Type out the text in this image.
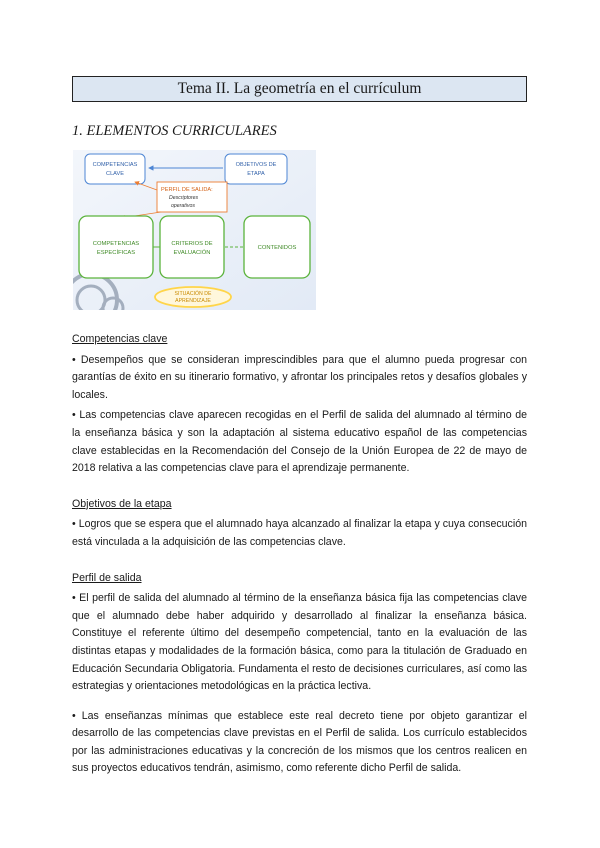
Tema II. La geometría en el currículum
1. ELEMENTOS CURRICULARES
COMPETENCIAS
CLAVE
OBJETIVOS DE
ETAPA
PERFIL DE SALIDA:
Descriptores
operativos
COMPETENCIAS
ESPECÍFICAS
CRITERIOS DE
EVALUACIÓN
CONTENIDOS
SITUACIÓN DE
APRENDIZAJE

Competencias clave

• Desempeños que se consideran imprescindibles para que el alumno pueda progresar con garantías de éxito en su itinerario formativo, y afrontar los principales retos y desafíos globales y locales.

• Las competencias clave aparecen recogidas en el Perfil de salida del alumnado al término de la enseñanza básica y son la adaptación al sistema educativo español de las competencias clave establecidas en la Recomendación del Consejo de la Unión Europea de 22 de mayo de 2018 relativa a las competencias clave para el aprendizaje permanente.

Objetivos de la etapa

• Logros que se espera que el alumnado haya alcanzado al finalizar la etapa y cuya consecución está vinculada a la adquisición de las competencias clave.

Perfil de salida

• El perfil de salida del alumnado al término de la enseñanza básica fija las competencias clave que el alumnado debe haber adquirido y desarrollado al finalizar la enseñanza básica. Constituye el referente último del desempeño competencial, tanto en la evaluación de las distintas etapas y modalidades de la formación básica, como para la titulación de Graduado en Educación Secundaria Obligatoria. Fundamenta el resto de decisiones curriculares, así como las estrategias y orientaciones metodológicas en la práctica lectiva.

• Las enseñanzas mínimas que establece este real decreto tiene por objeto garantizar el desarrollo de las competencias clave previstas en el Perfil de salida. Los currículo establecidos por las administraciones educativas y la concreción de los mismos que los centros realicen en sus proyectos educativos tendrán, asimismo, como referente dicho Perfil de salida.
